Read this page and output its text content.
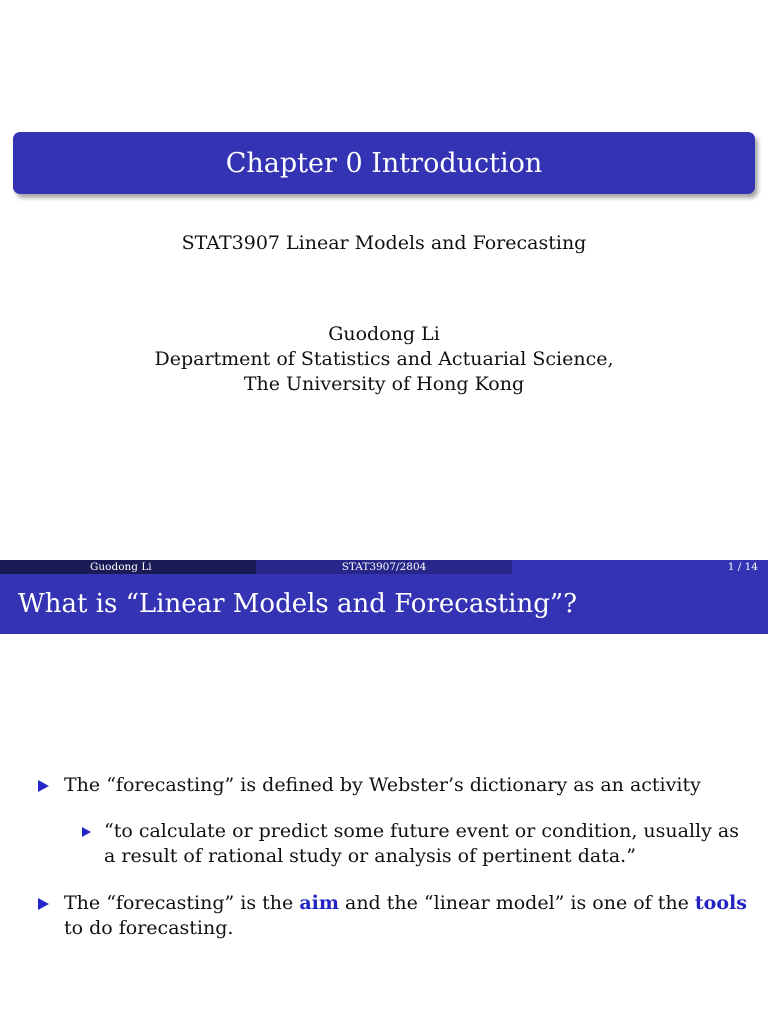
Chapter 0 Introduction
STAT3907 Linear Models and Forecasting
Guodong Li
Department of Statistics and Actuarial Science,
The University of Hong Kong
Guodong Li	STAT3907/2804	1 / 14
What is “Linear Models and Forecasting”?
The “forecasting” is defined by Webster’s dictionary as an activity
“to calculate or predict some future event or condition, usually as a result of rational study or analysis of pertinent data.”
The “forecasting” is the aim and the “linear model” is one of the tools to do forecasting.
